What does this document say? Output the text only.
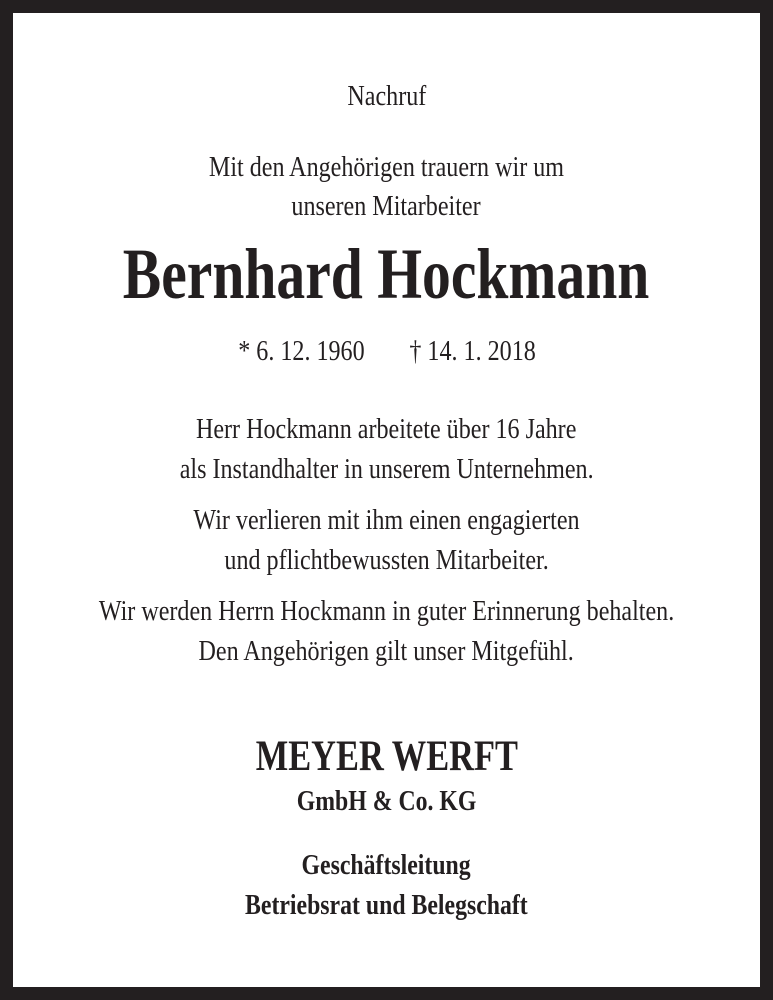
Nachruf
Mit den Angehörigen trauern wir um
unseren Mitarbeiter
Bernhard Hockmann
* 6. 12. 1960 † 14. 1. 2018
Herr Hockmann arbeitete über 16 Jahre
als Instandhalter in unserem Unternehmen.
Wir verlieren mit ihm einen engagierten
und pflichtbewussten Mitarbeiter.
Wir werden Herrn Hockmann in guter Erinnerung behalten.
Den Angehörigen gilt unser Mitgefühl.
MEYER WERFT
GmbH & Co. KG
Geschäftsleitung
Betriebsrat und Belegschaft
